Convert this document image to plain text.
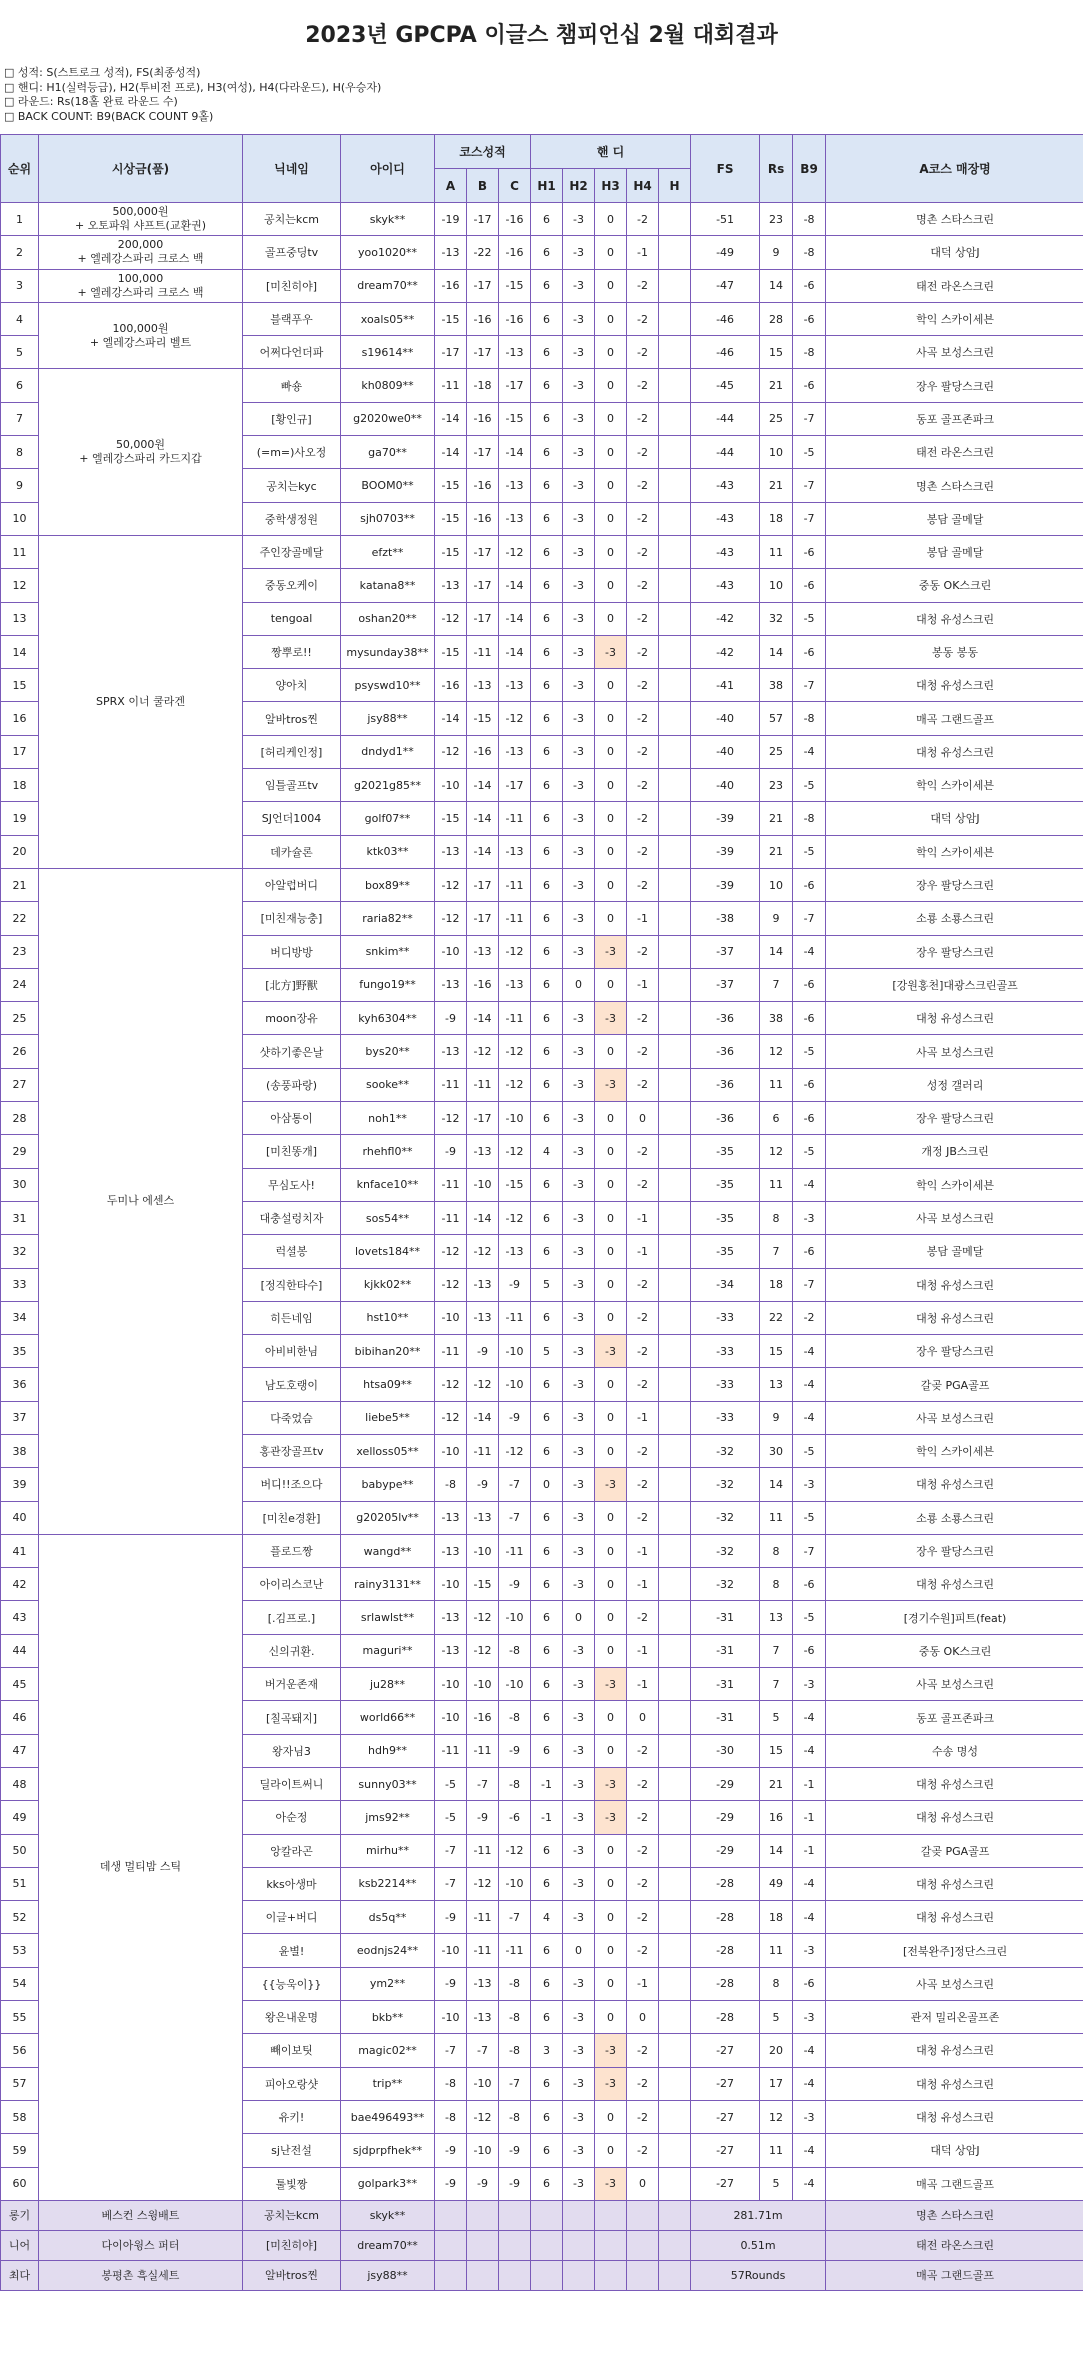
2023년 GPCPA 이글스 챔피언십 2월 대회결과
□ 성적: S(스트로크 성적), FS(최종성적)
□ 핸디: H1(실력등급), H2(투비전 프로), H3(여성), H4(다라운드), H(우승자)
□ 라운드: Rs(18홀 완료 라운드 수)
□ BACK COUNT: B9(BACK COUNT 9홀)
순위	시상금(품)	닉네임	아이디	코스성적			핸 디					FS	Rs	B9	A코스 매장명
				A	B	C	H1	H2	H3	H4	H				
1	500,000원
+ 오토파워 샤프트(교환권)	공치는kcm	skyk**	-19	-17	-16	6	-3	0	-2		-51	23	-8	명촌 스타스크린
2	200,000
+ 엘레강스파리 크로스 백	골프중딩tv	yoo1020**	-13	-22	-16	6	-3	0	-1		-49	9	-8	대덕 상암J
3	100,000
+ 엘레강스파리 크로스 백	[미친히야]	dream70**	-16	-17	-15	6	-3	0	-2		-47	14	-6	태전 라온스크린
4	100,000원
+ 엘레강스파리 벨트	블랙푸우	xoals05**	-15	-16	-16	6	-3	0	-2		-46	28	-6	학익 스카이세븐
5		어쩌다언더파	s19614**	-17	-17	-13	6	-3	0	-2		-46	15	-8	사곡 보성스크린
6	50,000원
+ 엘레강스파리 카드지갑	빠숑	kh0809**	-11	-18	-17	6	-3	0	-2		-45	21	-6	장우 팔당스크린
7		[황인규]	g2020we0**	-14	-16	-15	6	-3	0	-2		-44	25	-7	동포 골프존파크
8		(=m=)사오정	ga70**	-14	-17	-14	6	-3	0	-2		-44	10	-5	태전 라온스크린
9		공치는kyc	BOOM0**	-15	-16	-13	6	-3	0	-2		-43	21	-7	명촌 스타스크린
10		중학생정원	sjh0703**	-15	-16	-13	6	-3	0	-2		-43	18	-7	봉담 골메달
11	SPRX 이너 쿨라겐	주인장골메달	efzt**	-15	-17	-12	6	-3	0	-2		-43	11	-6	봉담 골메달
12		중동오케이	katana8**	-13	-17	-14	6	-3	0	-2		-43	10	-6	중동 OK스크린
13		tengoal	oshan20**	-12	-17	-14	6	-3	0	-2		-42	32	-5	대청 유성스크린
14		짱뿌로!!	mysunday38**	-15	-11	-14	6	-3	-3	-2		-42	14	-6	봉동 봉동
15		양아치	psyswd10**	-16	-13	-13	6	-3	0	-2		-41	38	-7	대청 유성스크린
16		알바tros찐	jsy88**	-14	-15	-12	6	-3	0	-2		-40	57	-8	매곡 그랜드골프
17		[허리케인정]	dndyd1**	-12	-16	-13	6	-3	0	-2		-40	25	-4	대청 유성스크린
18		임틀골프tv	g2021g85**	-10	-14	-17	6	-3	0	-2		-40	23	-5	학익 스카이세븐
19		SJ언더1004	golf07**	-15	-14	-11	6	-3	0	-2		-39	21	-8	대덕 상암J
20		데카슐론	ktk03**	-13	-14	-13	6	-3	0	-2		-39	21	-5	학익 스카이세븐
21	두미나 에센스	아알럽버디	box89**	-12	-17	-11	6	-3	0	-2		-39	10	-6	장우 팔당스크린
22		[미친재능충]	raria82**	-12	-17	-11	6	-3	0	-1		-38	9	-7	소룡 소룡스크린
23		버디방방	snkim**	-10	-13	-12	6	-3	-3	-2		-37	14	-4	장우 팔당스크린
24		[北方]野獸	fungo19**	-13	-16	-13	6	0	0	-1		-37	7	-6	[강원홍천]대광스크린골프
25		moon장유	kyh6304**	-9	-14	-11	6	-3	-3	-2		-36	38	-6	대청 유성스크린
26		샷하기좋은날	bys20**	-13	-12	-12	6	-3	0	-2		-36	12	-5	사곡 보성스크린
27		(송풍파랑)	sooke**	-11	-11	-12	6	-3	-3	-2		-36	11	-6	성정 갤러리
28		아삼통이	noh1**	-12	-17	-10	6	-3	0	0		-36	6	-6	장우 팔당스크린
29		[미친똥개]	rhehfl0**	-9	-13	-12	4	-3	0	-2		-35	12	-5	개정 JB스크린
30		무심도사!	knface10**	-11	-10	-15	6	-3	0	-2		-35	11	-4	학익 스카이세븐
31		대충설렁치자	sos54**	-11	-14	-12	6	-3	0	-1		-35	8	-3	사곡 보성스크린
32		럭셜봉	lovets184**	-12	-12	-13	6	-3	0	-1		-35	7	-6	봉담 골메달
33		[정직한타수]	kjkk02**	-12	-13	-9	5	-3	0	-2		-34	18	-7	대청 유성스크린
34		히든네임	hst10**	-10	-13	-11	6	-3	0	-2		-33	22	-2	대청 유성스크린
35		아비비한님	bibihan20**	-11	-9	-10	5	-3	-3	-2		-33	15	-4	장우 팔당스크린
36		남도호랭이	htsa09**	-12	-12	-10	6	-3	0	-2		-33	13	-4	갈곶 PGA골프
37		다죽었슴	liebe5**	-12	-14	-9	6	-3	0	-1		-33	9	-4	사곡 보성스크린
38		홍관장골프tv	xelloss05**	-10	-11	-12	6	-3	0	-2		-32	30	-5	학익 스카이세븐
39		버디!!조으다	babype**	-8	-9	-7	0	-3	-3	-2		-32	14	-3	대청 유성스크린
40		[미친e경환]	g20205lv**	-13	-13	-7	6	-3	0	-2		-32	11	-5	소룡 소룡스크린
41	데생 멀티밤 스틱	플로드짱	wangd**	-13	-10	-11	6	-3	0	-1		-32	8	-7	장우 팔당스크린
42		아이리스코난	rainy3131**	-10	-15	-9	6	-3	0	-1		-32	8	-6	대청 유성스크린
43		[.김프로.]	srlawlst**	-13	-12	-10	6	0	0	-2		-31	13	-5	[경기수원]피트(feat)
44		신의귀환.	maguri**	-13	-12	-8	6	-3	0	-1		-31	7	-6	중동 OK스크린
45		버거운존재	ju28**	-10	-10	-10	6	-3	-3	-1		-31	7	-3	사곡 보성스크린
46		[칠곡돼지]	world66**	-10	-16	-8	6	-3	0	0		-31	5	-4	동포 골프존파크
47		왕자님3	hdh9**	-11	-11	-9	6	-3	0	-2		-30	15	-4	수송 명성
48		딜라이트써니	sunny03**	-5	-7	-8	-1	-3	-3	-2		-29	21	-1	대청 유성스크린
49		아순정	jms92**	-5	-9	-6	-1	-3	-3	-2		-29	16	-1	대청 유성스크린
50		앙칼라곤	mirhu**	-7	-11	-12	6	-3	0	-2		-29	14	-1	갈곶 PGA골프
51		kks아생마	ksb2214**	-7	-12	-10	6	-3	0	-2		-28	49	-4	대청 유성스크린
52		이글+버디	ds5q**	-9	-11	-7	4	-3	0	-2		-28	18	-4	대청 유성스크린
53		윤별!	eodnjs24**	-10	-11	-11	6	0	0	-2		-28	11	-3	[전북완주]정단스크린
54		{{능욱이}}	ym2**	-9	-13	-8	6	-3	0	-1		-28	8	-6	사곡 보성스크린
55		왕은내운명	bkb**	-10	-13	-8	6	-3	0	0		-28	5	-3	관저 밀리온골프존
56		빼이보팃	magic02**	-7	-7	-8	3	-3	-3	-2		-27	20	-4	대청 유성스크린
57		피아오랑샷	trip**	-8	-10	-7	6	-3	-3	-2		-27	17	-4	대청 유성스크린
58		유키!	bae496493**	-8	-12	-8	6	-3	0	-2		-27	12	-3	대청 유성스크린
59		sj난전설	sjdprpfhek**	-9	-10	-9	6	-3	0	-2		-27	11	-4	대덕 상암J
60		툴빛짱	golpark3**	-9	-9	-9	6	-3	-3	0		-27	5	-4	매곡 그랜드골프
롱기	베스컨 스윙배트	공치는kcm	skyk**									281.71m			명촌 스타스크린
니어	다이아윙스 퍼터	[미친히야]	dream70**									0.51m			태전 라온스크린
최다	봉평촌 흑실세트	알바tros찐	jsy88**									57Rounds			매곡 그랜드골프
